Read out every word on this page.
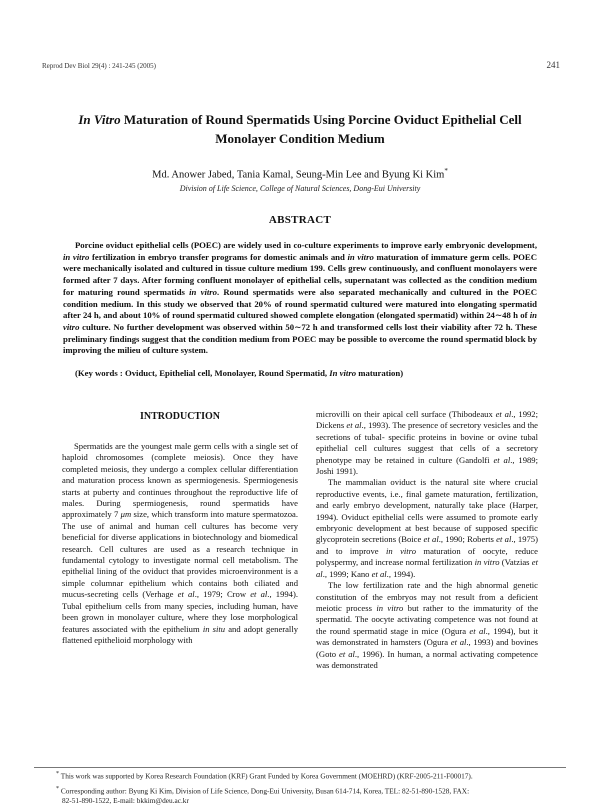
Reprod Dev Biol 29(4) : 241-245 (2005)	241
In Vitro Maturation of Round Spermatids Using Porcine Oviduct Epithelial Cell
Monolayer Condition Medium
Md. Anower Jabed, Tania Kamal, Seung-Min Lee and Byung Ki Kim*
Division of Life Science, College of Natural Sciences, Dong-Eui University
ABSTRACT
Porcine oviduct epithelial cells (POEC) are widely used in co-culture experiments to improve early embryonic development, in vitro fertilization in embryo transfer programs for domestic animals and in vitro maturation of immature germ cells. POEC were mechanically isolated and cultured in tissue culture medium 199. Cells grew continuously, and confluent monolayers were formed after 7 days. After forming confluent monolayer of epithelial cells, supernatant was collected as the condition medium for maturing round spermatids in vitro. Round spermatids were also separated mechanically and cultured in the POEC condition medium. In this study we observed that 20% of round spermatid cultured were matured into elongating spermatid after 24 h, and about 10% of round spermatid cultured showed complete elongation (elongated spermatid) within 24∼48 h of in vitro culture. No further development was observed within 50∼72 h and transformed cells lost their viability after 72 h. These preliminary findings suggest that the condition medium from POEC may be possible to overcome the round spermatid block by improving the milieu of culture system.
(Key words : Oviduct, Epithelial cell, Monolayer, Round Spermatid, In vitro maturation)
INTRODUCTION

Spermatids are the youngest male germ cells with a single set of haploid chromosomes (complete meiosis). Once they have completed meiosis, they undergo a complex cellular differentiation and maturation process known as spermiogenesis. Spermiogenesis starts at puberty and continues throughout the reproductive life of males. During spermiogenesis, round spermatids have approximately 7 μm size, which transform into mature spermatozoa. The use of animal and human cell cultures has become very beneficial for diverse applications in biotechnology and biomedical research. Cell cultures are used as a research technique in fundamental cytology to investigate normal cell metabolism. The epithelial lining of the oviduct that provides microenvironment is a simple columnar epithelium which contains both ciliated and mucus-secreting cells (Verhage et al., 1979; Crow et al., 1994). Tubal epithelium cells from many species, including human, have been grown in monolayer culture, where they lose morphological features associated with the epithelium in situ and adopt generally flattened epithelioid morphology with

microvilli on their apical cell surface (Thibodeaux et al., 1992; Dickens et al., 1993). The presence of secretory vesicles and the secretions of tubal- specific proteins in bovine or ovine tubal epithelial cell cultures suggest that cells of a secretory phenotype may be retained in culture (Gandolfi et al., 1989; Joshi 1991).

The mammalian oviduct is the natural site where crucial reproductive events, i.e., final gamete maturation, fertilization, and early embryo development, naturally take place (Harper, 1994). Oviduct epithelial cells were assumed to promote early embryonic development at best because of supposed specific glycoprotein secretions (Boice et al., 1990; Roberts et al., 1975) and to improve in vitro maturation of oocyte, reduce polyspermy, and increase normal fertilization in vitro (Vatzias et al., 1999; Kano et al., 1994).

The low fertilization rate and the high abnormal genetic constitution of the embryos may not result from a deficient meiotic process in vitro but rather to the immaturity of the spermatid. The oocyte activating competence was not found at the round spermatid stage in mice (Ogura et al., 1994), but it was demonstrated in hamsters (Ogura et al., 1993) and bovines (Goto et al., 1996). In human, a normal activating competence was demonstrated

* This work was supported by Korea Research Foundation (KRF) Grant Funded by Korea Government (MOEHRD) (KRF-2005-211-F00017).
* Corresponding author: Byung Ki Kim, Division of Life Science, Dong-Eui University, Busan 614-714, Korea, TEL: 82-51-890-1528, FAX:
82-51-890-1522, E-mail: bkkim@deu.ac.kr
